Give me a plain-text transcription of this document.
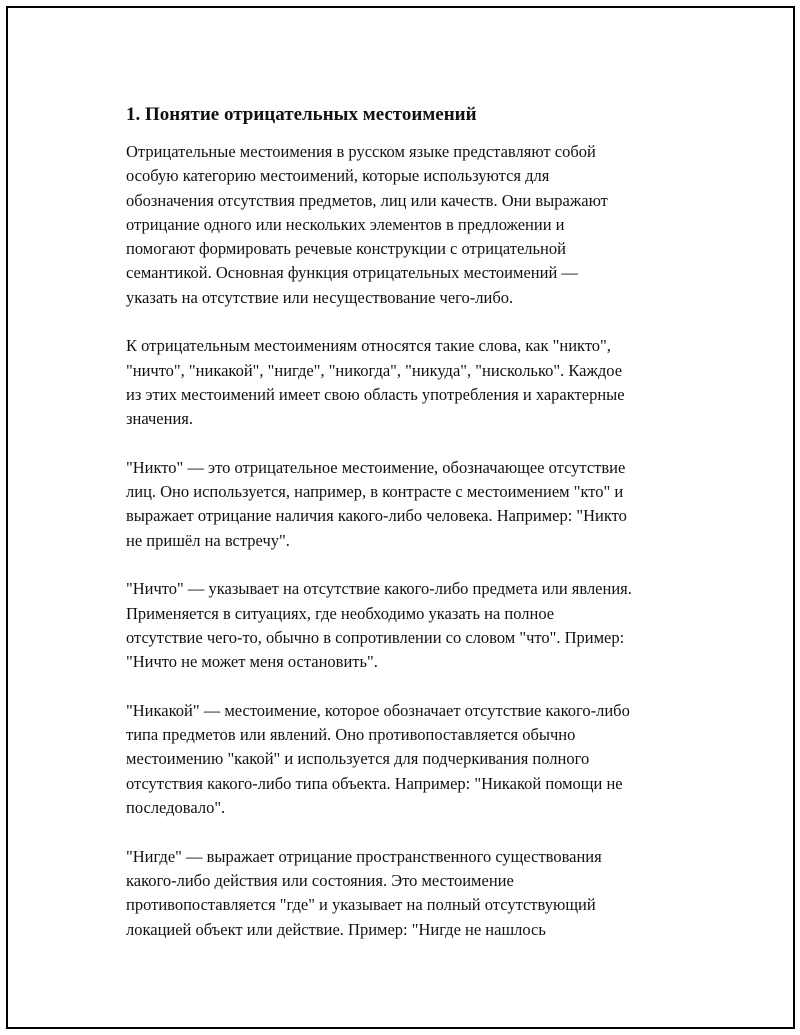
1. Понятие отрицательных местоимений

Отрицательные местоимения в русском языке представляют собой
особую категорию местоимений, которые используются для
обозначения отсутствия предметов, лиц или качеств. Они выражают
отрицание одного или нескольких элементов в предложении и
помогают формировать речевые конструкции с отрицательной
семантикой. Основная функция отрицательных местоимений —
указать на отсутствие или несуществование чего-либо.

К отрицательным местоимениям относятся такие слова, как "никто",
"ничто", "никакой", "нигде", "никогда", "никуда", "нисколько". Каждое
из этих местоимений имеет свою область употребления и характерные
значения.

"Никто" — это отрицательное местоимение, обозначающее отсутствие
лиц. Оно используется, например, в контрасте с местоимением "кто" и
выражает отрицание наличия какого-либо человека. Например: "Никто
не пришёл на встречу".

"Ничто" — указывает на отсутствие какого-либо предмета или явления.
Применяется в ситуациях, где необходимо указать на полное
отсутствие чего-то, обычно в сопротивлении со словом "что". Пример:
"Ничто не может меня остановить".

"Никакой" — местоимение, которое обозначает отсутствие какого-либо
типа предметов или явлений. Оно противопоставляется обычно
местоимению "какой" и используется для подчеркивания полного
отсутствия какого-либо типа объекта. Например: "Никакой помощи не
последовало".

"Нигде" — выражает отрицание пространственного существования
какого-либо действия или состояния. Это местоимение
противопоставляется "где" и указывает на полный отсутствующий
локацией объект или действие. Пример: "Нигде не нашлось
